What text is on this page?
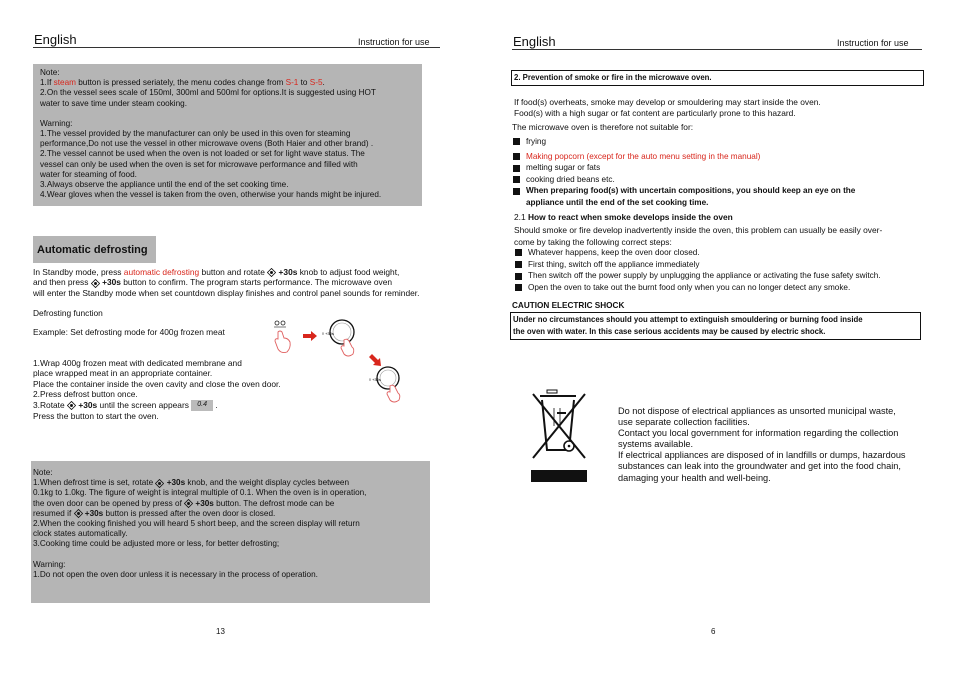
English	Instruction for use
Note:
1.If steam button is pressed seriately, the menu codes change from S-1 to S-5.
2.On the vessel sees scale of 150ml, 300ml and 500ml for options.It is suggested using HOT
water to save time under steam cooking.
Warning:
1.The vessel provided by the manufacturer can only be used in this oven for steaming
performance,Do not use the vessel in other microwave ovens (Both Haier and other brand) .
2.The vessel cannot be used when the oven is not loaded or set for light wave status. The
vessel can only be used when the oven is set for microwave performance and filled with
water for steaming of food.
3.Always observe the appliance until the end of the set cooking time.
4.Wear gloves when the vessel is taken from the oven, otherwise your hands might be injured.
Automatic defrosting
In Standby mode, press automatic defrosting button and rotate  +30s knob to adjust food weight,
and then press  +30s button to confirm. The program starts performance. The microwave oven
will enter the Standby mode when set countdown display finishes and control panel sounds for reminder.
Defrosting function
Example: Set defrosting mode for 400g frozen meat	◊ +30s
◊ +30s
1.Wrap 400g frozen meat with dedicated membrane and
place wrapped meat in an appropriate container.
Place the container inside the oven cavity and close the oven door.
2.Press defrost button once.
3.Rotate  +30s until the screen appears 0.4 .
Press the button to start the oven.
Note:
1.When defrost time is set, rotate  +30s knob, and the weight display cycles between
0.1kg to 1.0kg. The figure of weight is integral multiple of 0.1. When the oven is in operation,
the oven door can be opened by press of  +30s button. The defrost mode can be
resumed if  +30s button is pressed after the oven door is closed.
2.When the cooking finished you will heard 5 short beep, and the screen display will return
clock states automatically.
3.Cooking time could be adjusted more or less, for better defrosting;
Warning:
1.Do not open the oven door unless it is necessary in the process of operation.
13
English	Instruction for use
2. Prevention of smoke or fire in the microwave oven.
If food(s) overheats, smoke may develop or smouldering may start inside the oven.
Food(s) with a high sugar or fat content are particularly prone to this hazard.
The microwave oven is therefore not suitable for:
frying
Making popcorn (except for the auto menu setting in the manual)
melting sugar or fats
cooking dried beans etc.
When preparing food(s) with uncertain compositions, you should keep an eye on the
appliance until the end of the set cooking time.
2.1 How to react when smoke develops inside the oven
Should smoke or fire develop inadvertently inside the oven, this problem can usually be easily over-
come by taking the following correct steps:
Whatever happens, keep the oven door closed.
First thing, switch off the appliance immediately
Then switch off the power supply by unplugging the appliance or activating the fuse safety switch.
Open the oven to take out the burnt food only when you can no longer detect any smoke.
CAUTION ELECTRIC SHOCK
Under no circumstances should you attempt to extinguish smouldering or burning food inside
the oven with water. In this case serious accidents may be caused by electric shock.
Do not dispose of electrical appliances as unsorted municipal waste,
use separate collection facilities.
Contact you local government for information regarding the collection
systems available.
If electrical appliances are disposed of in landfills or dumps, hazardous
substances can leak into the groundwater and get into the food chain,
damaging your health and well-being.
6
